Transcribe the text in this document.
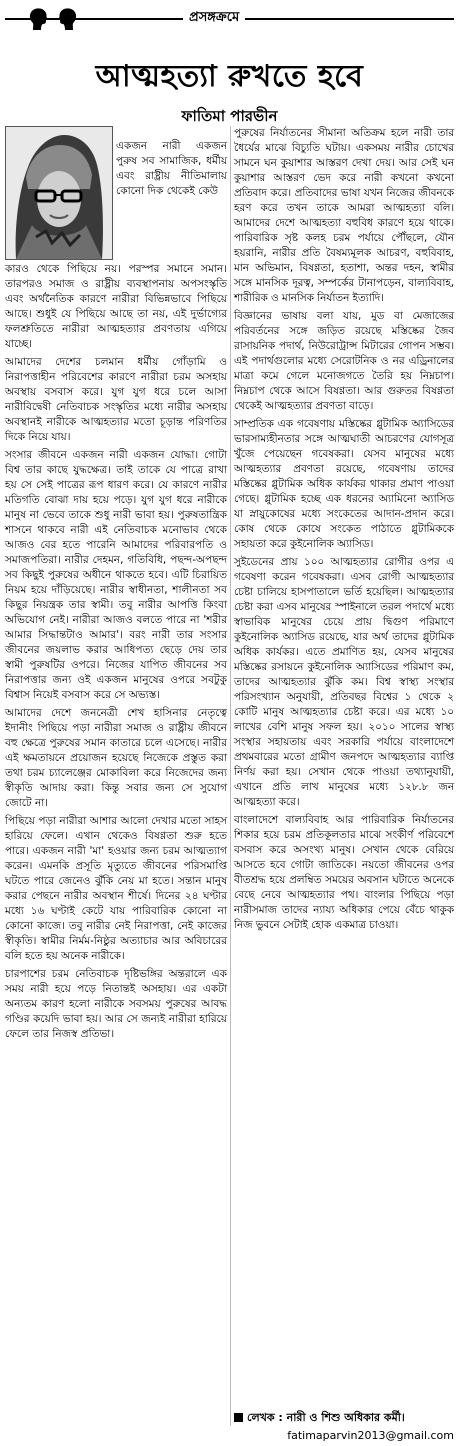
প্রসঙ্গক্রমে
আত্মহত্যা রুখতে হবে
ফাতিমা পারভীন

একজন নারী একজন পুরুষ সব সামাজিক, ধর্মীয় এবং রাষ্ট্রীয় নীতিমালায় কোনো দিক থেকেই কেউ

কারও থেকে পিছিয়ে নয়। পরস্পর সমানে সমান। তারপরও সমাজ ও রাষ্ট্রীয় ব্যবস্থাপনায় অপসংস্কৃতি এবং অর্থনৈতিক কারণে নারীরা বিভিন্নভাবে পিছিয়ে আছে। শুধুই যে পিছিয়ে আছে তা নয়, এই দুর্ভাগ্যের ফলশ্রুতিতে নারীরা আত্মহত্যার প্রবণতায় এগিয়ে যাচ্ছে।

আমাদের দেশের চলমান ধর্মীয় গোঁড়ামি ও নিরাপত্তাহীন পরিবেশের কারণে নারীরা চরম অসহায় অবস্থায় বসবাস করে। যুগ যুগ ধরে চলে আসা নারীবিদ্বেষী নেতিবাচক সংস্কৃতির মধ্যে নারীর অসহায় অবস্থানই নারীকে আত্মহত্যার মতো চূড়ান্ত পরিণতির দিকে নিয়ে যায়।

সংসার জীবনে একজন নারী একজন যোদ্ধা। গোটা বিশ্ব তার কাছে যুদ্ধক্ষেত্র। তাই তাকে যে পাত্রে রাখা হয় সে সেই পাত্রের রূপ ধারণ করে। যে কারণে নারীর মতিগতি বোঝা দায় হয়ে পড়ে। যুগ যুগ ধরে নারীকে মানুষ না ভেবে তাকে শুধু নারী ভাবা হয়। পুরুষতান্ত্রিক শাসনে থাকবে নারী এই নেতিবাচক মনোভাব থেকে আজও বের হতে পারেনি আমাদের পরিবারপতি ও সমাজপতিরা। নারীর দেহমন, গতিবিধি, পছন্দ-অপছন্দ সব কিছুই পুরুষের অধীনে থাকতে হবে। এটি চিরায়িত নিয়ম হয়ে দাঁড়িয়েছে। নারীর স্বাধীনতা, শালীনতা সব কিছুর নিয়ন্ত্রক তার স্বামী। তবু নারীর আপত্তি কিংবা অভিযোগ নেই। নারীরা আজও বলতে পারে না 'শরীর আমার সিদ্ধান্তটাও আমার'। বরং নারী তার সংসার জীবনের জয়লাভ করার আধিপত্য ছেড়ে দেয় তার স্বামী পুরুষটির ওপরে। নিজের যাপিত জীবনের সব নিরাপত্তার জন্য ওই একজন মানুষের ওপরে সবটুকু বিশ্বাস নিয়েই বসবাস করে সে অভ্যস্ত।

আমাদের দেশে জননেত্রী শেখ হাসিনার নেতৃত্বে ইদানীং পিছিয়ে পড়া নারীরা সমাজ ও রাষ্ট্রীয় জীবনে বহু ক্ষেত্রে পুরুষের সমান কাতারে চলে এসেছে। নারীর এই ক্ষমতায়নে প্রয়োজন হয়েছে নিজেকে প্রস্তুত করা তথা চরম চ্যালেঞ্জের মোকাবিলা করে নিজেদের জন্য স্বীকৃতি আদায় করা। কিন্তু সবার জন্য সে সুযোগ জোটে না।

পিছিয়ে পড়া নারীরা আশার আলো দেখার মতো সাহস হারিয়ে ফেলে। এখান থেকেও বিষণ্ণতা শুরু হতে পারে। একজন নারী 'মা' হওয়ার জন্য চরম আত্মত্যাগ করেন। এমনকি প্রসূতি মৃত্যুতে জীবনের পরিসমাপ্তি ঘটতে পারে জেনেও ঝুঁকি নেয় মা হতে। সন্তান মানুষ করার পেছনে নারীর অবস্থান শীর্ষে। দিনের ২৪ ঘণ্টার মধ্যে ১৬ ঘণ্টাই কেটে যায় পারিবারিক কোনো না কোনো কাজে। তবু নারীর নেই নিরাপত্তা, নেই কাজের স্বীকৃতি। স্বামীর নির্মম-নিষ্ঠুর অত্যাচার আর অবিচারের বলি হতে হয় অনেক নারীকে।

চারপাশের চরম নেতিবাচক দৃষ্টিভঙ্গির অন্তরালে এক সময় নারী হয়ে পড়ে নিতান্তই অসহায়। এর একটা অন্যতম কারণ হলো নারীকে সবসময় পুরুষের আবদ্ধ গণ্ডির কয়েদি ভাবা হয়। আর সে জন্যই নারীরা হারিয়ে ফেলে তার নিজস্ব প্রতিভা।

পুরুষের নির্যাতনের সীমানা অতিক্রম হলে নারী তার ধৈর্যের মাঝে বিচ্যুতি ঘটায়। একসময় নারীর চোখের সামনে ঘন কুয়াশার আস্তরণ দেখা দেয়। আর সেই ঘন কুয়াশার আস্তরণ ভেদ করে নারী কখনো কখনো প্রতিবাদ করে। প্রতিবাদের ভাষা যখন নিজের জীবনকে হরণ করে তখন তাকে আমরা আত্মহত্যা বলি। আমাদের দেশে আত্মহত্যা বহুবিধ কারণে হয়ে থাকে। পারিবারিক সৃষ্ট কলহ চরম পর্যায়ে পৌঁছলে, যৌন হয়রানি, নারীর প্রতি বৈষম্যমূলক আচরণ, বহুবিবাহ, মান অভিমান, বিষণ্ণতা, হতাশা, অন্তর দহন, স্বামীর সঙ্গে মানসিক দূরত্ব, সম্পর্কের টানাপড়েন, বাল্যবিবাহ, শারীরিক ও মানসিক নির্যাতন ইত্যাদি।

বিজ্ঞানের ভাষায় বলা যায়, মুড বা মেজাজের পরিবর্তনের সঙ্গে জড়িত রয়েছে মস্তিষ্কের জৈব রাসায়নিক পদার্থ, নিউরোট্রান্স মিটারের গোপন সম্ভব। এই পদার্থগুলোর মধ্যে সেরোটনিক ও নর এড্রিনালের মাত্রা কমে গেলে মনোজগতে তৈরি হয় নিম্নচাপ। নিম্নচাপ থেকে আসে বিষণ্ণতা। আর গুরুতর বিষণ্ণতা থেকেই আত্মহত্যার প্রবণতা বাড়ে।

সাম্প্রতিক এক গবেষণায় মস্তিষ্কের গ্লুটামিক অ্যাসিডের ভারসাম্যহীনতার সঙ্গে আত্মঘাতী আচরণের যোগসূত্র খুঁজে পেয়েছেন গবেষকরা। যেসব মানুষের মধ্যে আত্মহত্যার প্রবণতা রয়েছে, গবেষণায় তাদের মস্তিষ্কের গ্লুটামিক অধিক কার্যকর থাকার প্রমাণ পাওয়া গেছে। গ্লুটামিক হচ্ছে এক ধরনের অ্যামিনো অ্যাসিড যা স্নায়ুকোষের মধ্যে সংকেতের আদান-প্রদান করে। কোষ থেকে কোষে সংকেত পাঠাতে গ্লুটামিককে সহায়তা করে কুইনোলিক অ্যাসিড।

সুইডেনের প্রায় ১০০ আত্মহত্যার রোগীর ওপর এ গবেষণা করেন গবেষকরা। এসব রোগী আত্মহত্যার চেষ্টা চালিয়ে হাসপাতালে ভর্তি হয়েছিল। আত্মহত্যার চেষ্টা করা এসব মানুষের স্পাইনালে তরল পদার্থে মধ্যে স্বাভাবিক মানুষের চেয়ে প্রায় দ্বিগুণ পরিমাণে কুইনোলিক অ্যাসিড রয়েছে, যার অর্থ তাদের গ্লুটামিক অধিক কার্যকর। এতে প্রমাণিত হয়, যেসব মানুষের মস্তিষ্কের রসায়নে কুইনোলিক অ্যাসিডের পরিমাণ কম, তাদের আত্মহত্যার ঝুঁকি কম। বিশ্ব স্বাস্থ্য সংস্থার পরিসংখ্যান অনুযায়ী, প্রতিবছর বিশ্বের ১ থেকে ২ কোটি মানুষ আত্মহত্যার চেষ্টা করে। এর মধ্যে ১০ লাখের বেশি মানুষ সফল হয়। ২০১০ সালের স্বাস্থ্য সংস্থার সহায়তায় এবং সরকারি পর্যায়ে বাংলাদেশে প্রথমবারের মতো গ্রামীণ জনপদে আত্মহত্যার ব্যাপ্তি নির্ণয় করা হয়। সেখান থেকে পাওয়া তথ্যানুযায়ী, এখানে প্রতি লাখ মানুষের মধ্যে ১২৮.৮ জন আত্মহত্যা করে।

বাংলাদেশে বাল্যবিবাহ আর পারিবারিক নির্যাতনের শিকার হয়ে চরম প্রতিকূলতার মাঝে সংকীর্ণ পরিবেশে বসবাস করে অসংখ্য মানুষ। সেখান থেকে বেরিয়ে আসতে হবে গোটা জাতিকে। নয়তো জীবনের ওপর বীতশ্রদ্ধ হয়ে প্রলম্বিত সময়ের অবসান ঘটাতে অনেকে বেছে নেবে আত্মহত্যার পথ। বাংলার পিছিয়ে পড়া নারীসমাজ তাদের ন্যায্য অধিকার পেয়ে বেঁচে থাকুক নিজ ভুবনে সেটাই হোক একমাত্র চাওয়া।

লেখক : নারী ও শিশু অধিকার কর্মী।
fatimaparvin2013@gmail.com
